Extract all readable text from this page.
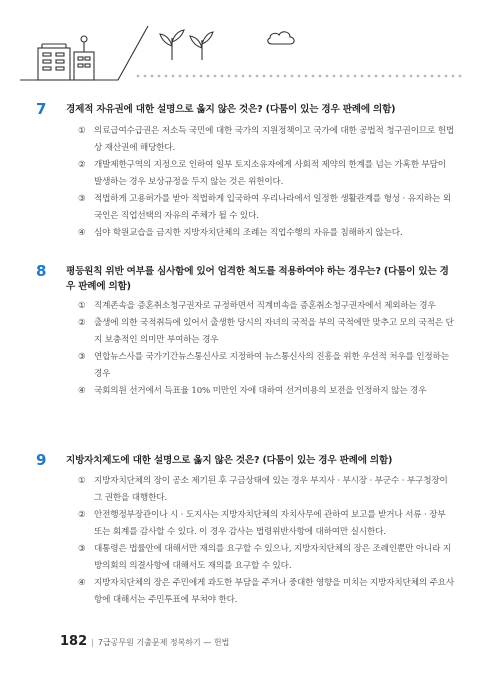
7 경제적 자유권에 대한 설명으로 옳지 않은 것은? (다툼이 있는 경우 판례에 의함)
① 의료급여수급권은 저소득 국민에 대한 국가의 지원정책이고 국가에 대한 공법적 청구권이므로 헌법상 재산권에 해당한다.
② 개발제한구역의 지정으로 인하여 일부 토지소유자에게 사회적 제약의 한계를 넘는 가혹한 부담이 발생하는 경우 보상규정을 두지 않는 것은 위헌이다.
③ 적법하게 고용허가를 받아 적법하게 입국하여 우리나라에서 일정한 생활관계를 형성 · 유지하는 외국인은 직업선택의 자유의 주체가 될 수 있다.
④ 심야 학원교습을 금지한 지방자치단체의 조례는 직업수행의 자유를 침해하지 않는다.
8 평등원칙 위반 여부를 심사함에 있어 엄격한 척도를 적용하여야 하는 경우는? (다툼이 있는 경우 판례에 의함)
① 직계존속을 증혼취소청구권자로 규정하면서 직계비속을 증혼취소청구권자에서 제외하는 경우
② 출생에 의한 국적취득에 있어서 출생한 당시의 자녀의 국적을 부의 국적에만 맞추고 모의 국적은 단지 보충적인 의미만 부여하는 경우
③ 연합뉴스사를 국가기간뉴스통신사로 지정하여 뉴스통신사의 진흥을 위한 우선적 처우를 인정하는 경우
④ 국회의원 선거에서 득표율 10% 미만인 자에 대하여 선거비용의 보전을 인정하지 않는 경우
9 지방자치제도에 대한 설명으로 옳지 않은 것은? (다툼이 있는 경우 판례에 의함)
① 지방자치단체의 장이 공소 제기된 후 구금상태에 있는 경우 부지사 · 부시장 · 부군수 · 부구청장이 그 권한을 대행한다.
② 안전행정부장관이나 시 · 도지사는 지방자치단체의 자치사무에 관하여 보고를 받거나 서류 · 장부 또는 회계를 감사할 수 있다. 이 경우 감사는 법령위반사항에 대하여만 실시한다.
③ 대통령은 법률안에 대해서만 재의를 요구할 수 있으나, 지방자치단체의 장은 조례인뿐만 아니라 지방의회의 의결사항에 대해서도 재의를 요구할 수 있다.
④ 지방자치단체의 장은 주민에게 과도한 부담을 주거나 중대한 영향을 미치는 지방자치단체의 주요사항에 대해서는 주민투표에 부쳐야 한다.
182 | 7급공무원 기출문제 정복하기 — 헌법
